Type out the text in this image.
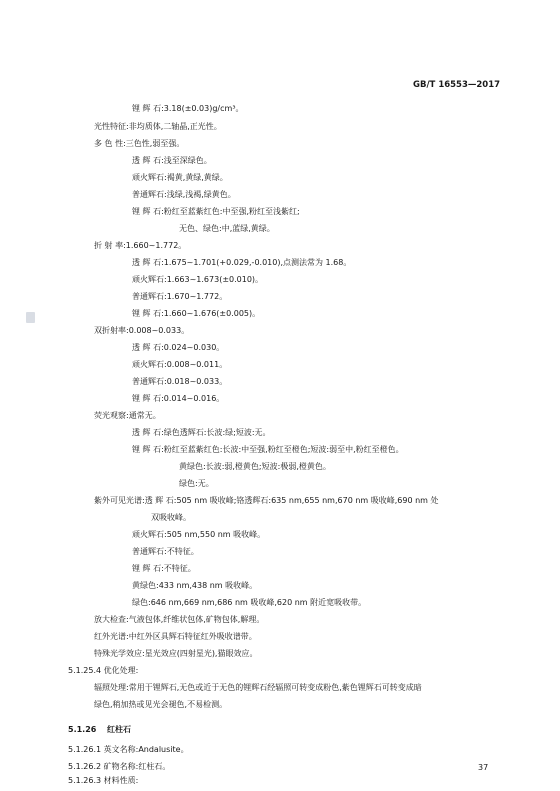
GB/T 16553—2017
锂 辉 石:3.18(±0.03)g/cm³。
光性特征:非均质体,二轴晶,正光性。
多 色 性:三色性,弱至强。
透 辉 石:浅至深绿色。
顽火辉石:褐黄,黄绿,黄绿。
普通辉石:浅绿,浅褐,绿黄色。
锂 辉 石:粉红至蓝紫红色:中至强,粉红至浅紫红;
无色、绿色:中,蓝绿,黄绿。
折 射 率:1.660~1.772。
透 辉 石:1.675~1.701(+0.029,-0.010),点测法常为 1.68。
顽火辉石:1.663~1.673(±0.010)。
普通辉石:1.670~1.772。
锂 辉 石:1.660~1.676(±0.005)。
双折射率:0.008~0.033。
透 辉 石:0.024~0.030。
顽火辉石:0.008~0.011。
普通辉石:0.018~0.033。
锂 辉 石:0.014~0.016。
荧光观察:通常无。
透 辉 石:绿色透辉石:长波:绿;短波:无。
锂 辉 石:粉红至蓝紫红色:长波:中至强,粉红至橙色;短波:弱至中,粉红至橙色。
黄绿色:长波:弱,橙黄色;短波:极弱,橙黄色。
绿色:无。
紫外可见光谱:透 辉 石:505 nm 吸收峰;铬透辉石:635 nm,655 nm,670 nm 吸收峰,690 nm 处
双吸收峰。
顽火辉石:505 nm,550 nm 吸收峰。
普通辉石:不特征。
锂 辉 石:不特征。
黄绿色:433 nm,438 nm 吸收峰。
绿色:646 nm,669 nm,686 nm 吸收峰,620 nm 附近宽吸收带。
放大检查:气液包体,纤维状包体,矿物包体,解理。
红外光谱:中红外区具辉石特征红外吸收谱带。
特殊光学效应:星光效应(四射星光),猫眼效应。
5.1.25.4 优化处理:
辐照处理:常用于锂辉石,无色或近于无色的锂辉石经辐照可转变成粉色,紫色锂辉石可转变成暗
绿色,稍加热或见光会褪色,不易检测。
5.1.26 红柱石
5.1.26.1 英文名称:Andalusite。
5.1.26.2 矿物名称:红柱石。
5.1.26.3 材料性质:
37
